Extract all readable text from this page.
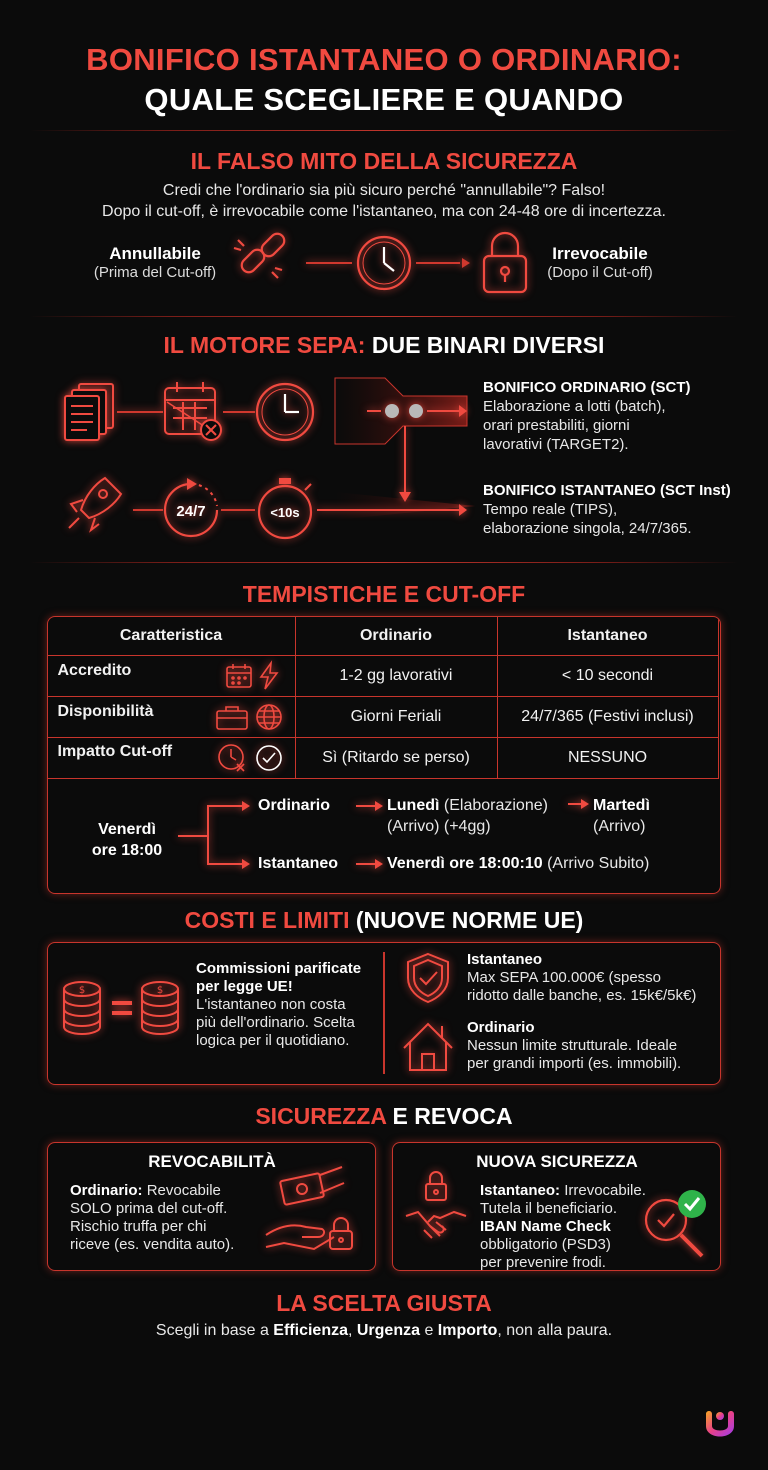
BONIFICO ISTANTANEO O ORDINARIO:
QUALE SCEGLIERE E QUANDO
IL FALSO MITO DELLA SICUREZZA
Credi che l'ordinario sia più sicuro perché "annullabile"? Falso!
Dopo il cut-off, è irrevocabile come l'istantaneo, ma con 24-48 ore di incertezza.
Annullabile
(Prima del Cut-off)
Irrevocabile
(Dopo il Cut-off)
IL MOTORE SEPA: DUE BINARI DIVERSI
24/7	<10s
BONIFICO ORDINARIO (SCT)
Elaborazione a lotti (batch),
orari prestabiliti, giorni
lavorativi (TARGET2).
BONIFICO ISTANTANEO (SCT Inst)
Tempo reale (TIPS),
elaborazione singola, 24/7/365.
TEMPISTICHE E CUT-OFF
Caratteristica	Ordinario	Istantaneo
Accredito	1-2 gg lavorativi	< 10 secondi
Disponibilità	Giorni Feriali	24/7/365 (Festivi inclusi)
Impatto Cut-off	Sì (Ritardo se perso)	NESSUNO
Venerdì
ore 18:00
Ordinario	Lunedì (Elaborazione)
(Arrivo) (+4gg)
Martedì
(Arrivo)
Istantaneo	Venerdì ore 18:00:10 (Arrivo Subito)
COSTI E LIMITI (NUOVE NORME UE)
$	$
Commissioni parificate
per legge UE!
L'istantaneo non costa
più dell'ordinario. Scelta
logica per il quotidiano.
Istantaneo
Max SEPA 100.000€ (spesso
ridotto dalle banche, es. 15k€/5k€)
Ordinario
Nessun limite strutturale. Ideale
per grandi importi (es. immobili).
SICUREZZA E REVOCA
REVOCABILITÀ
Ordinario: Revocabile
SOLO prima del cut-off.
Rischio truffa per chi
riceve (es. vendita auto).
NUOVA SICUREZZA
Istantaneo: Irrevocabile.
Tutela il beneficiario.
IBAN Name Check
obbligatorio (PSD3)
per prevenire frodi.
LA SCELTA GIUSTA
Scegli in base a Efficienza, Urgenza e Importo, non alla paura.
